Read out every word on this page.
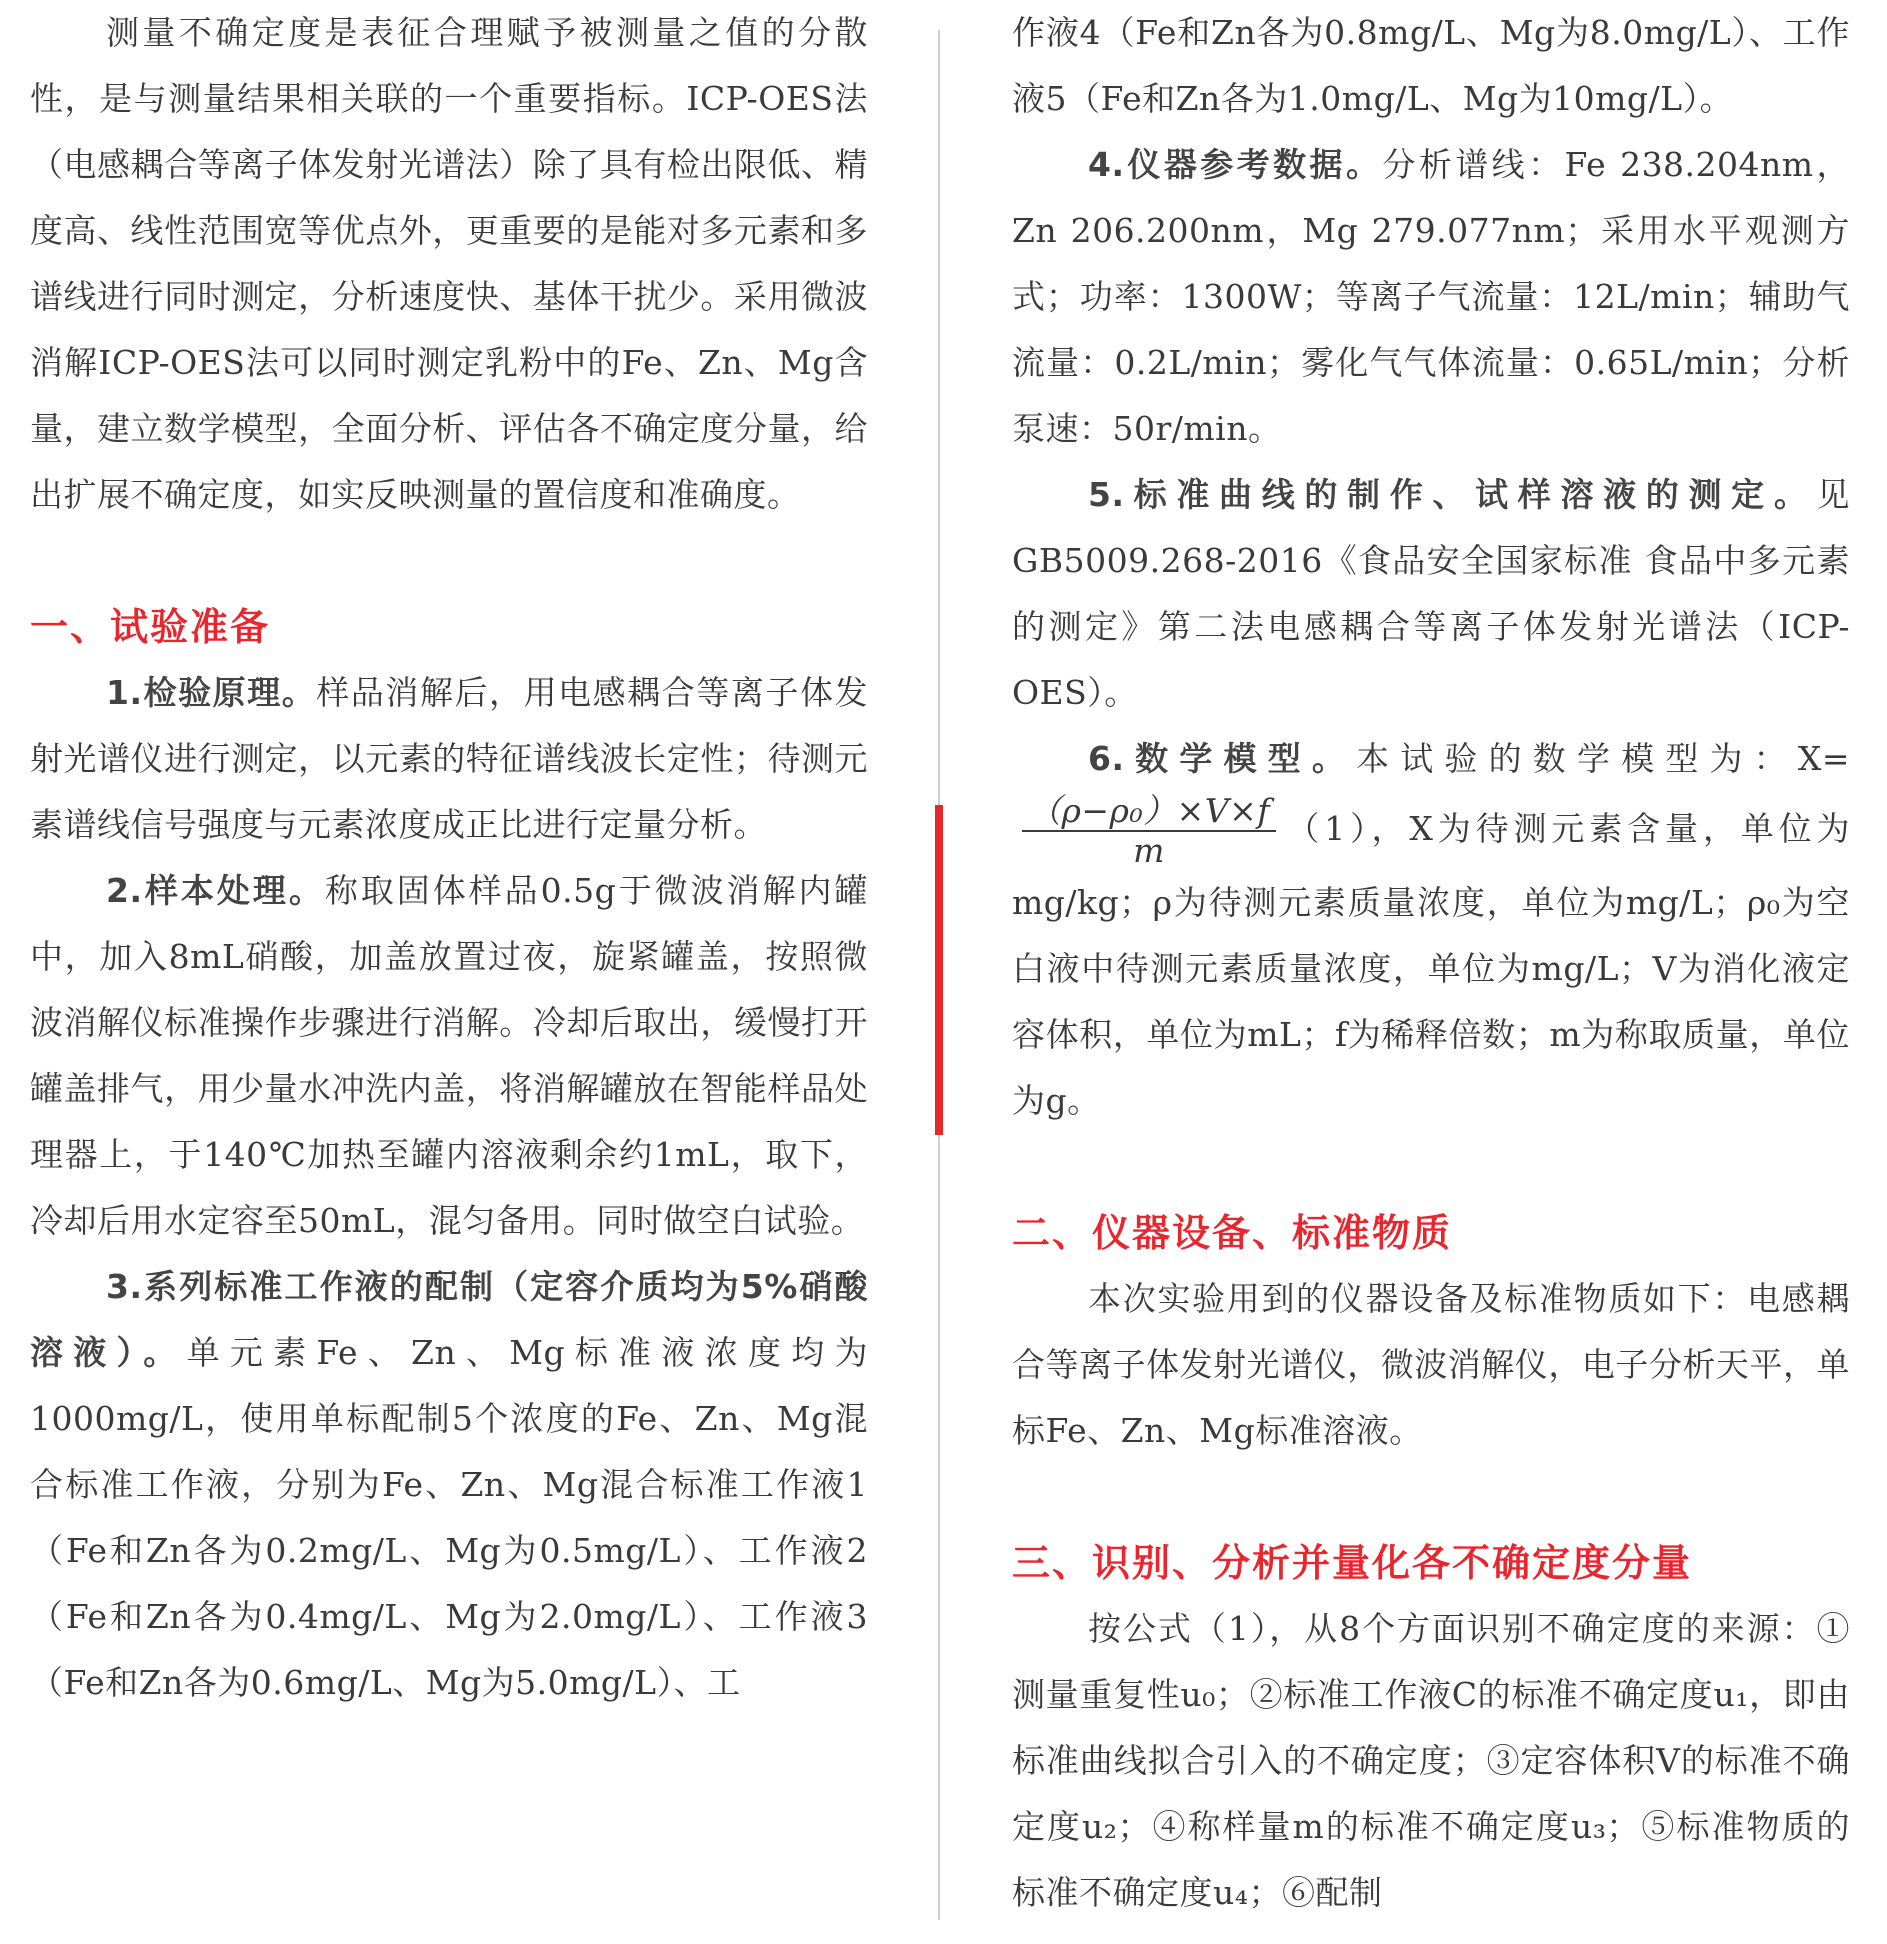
测量不确定度是表征合理赋予被测量之值的分散性，是与测量结果相关联的一个重要指标。ICP-OES法（电感耦合等离子体发射光谱法）除了具有检出限低、精度高、线性范围宽等优点外，更重要的是能对多元素和多谱线进行同时测定，分析速度快、基体干扰少。采用微波消解ICP-OES法可以同时测定乳粉中的Fe、Zn、Mg含量，建立数学模型，全面分析、评估各不确定度分量，给出扩展不确定度，如实反映测量的置信度和准确度。

一、试验准备

1.检验原理。样品消解后，用电感耦合等离子体发射光谱仪进行测定，以元素的特征谱线波长定性；待测元素谱线信号强度与元素浓度成正比进行定量分析。

2.样本处理。称取固体样品0.5g于微波消解内罐中，加入8mL硝酸，加盖放置过夜，旋紧罐盖，按照微波消解仪标准操作步骤进行消解。冷却后取出，缓慢打开罐盖排气，用少量水冲洗内盖，将消解罐放在智能样品处理器上，于140℃加热至罐内溶液剩余约1mL，取下，冷却后用水定容至50mL，混匀备用。同时做空白试验。

3.系列标准工作液的配制（定容介质均为5%硝酸溶液）。单元素Fe、Zn、Mg标准液浓度均为1000mg/L，使用单标配制5个浓度的Fe、Zn、Mg混合标准工作液，分别为Fe、Zn、Mg混合标准工作液1（Fe和Zn各为0.2mg/L、Mg为0.5mg/L）、工作液2（Fe和Zn各为0.4mg/L、Mg为2.0mg/L）、工作液3（Fe和Zn各为0.6mg/L、Mg为5.0mg/L）、工

作液4（Fe和Zn各为0.8mg/L、Mg为8.0mg/L）、工作液5（Fe和Zn各为1.0mg/L、Mg为10mg/L）。

4.仪器参考数据。分析谱线：Fe 238.204nm，Zn 206.200nm，Mg 279.077nm；采用水平观测方式；功率：1300W；等离子气流量：12L/min；辅助气流量：0.2L/min；雾化气气体流量：0.65L/min；分析泵速：50r/min。

5.标准曲线的制作、试样溶液的测定。见GB5009.268-2016《食品安全国家标准 食品中多元素的测定》第二法电感耦合等离子体发射光谱法（ICP-OES）。

6.数学模型。本试验的数学模型为：X=
$\frac{\text{（ρ−ρ₀）×V×f}}{m} (1)$，X为待测元素含量，单位为mg/kg；ρ为待测元素质量浓度，单位为mg/L；ρ₀为空白液中待测元素质量浓度，单位为mg/L；V为消化液定容体积，单位为mL；f为稀释倍数；m为称取质量，单位为g。

二、仪器设备、标准物质

本次实验用到的仪器设备及标准物质如下：电感耦合等离子体发射光谱仪，微波消解仪，电子分析天平，单标Fe、Zn、Mg标准溶液。

三、识别、分析并量化各不确定度分量

按公式（1），从8个方面识别不确定度的来源：①测量重复性u₀；②标准工作液C的标准不确定度u₁，即由标准曲线拟合引入的不确定度；③定容体积V的标准不确定度u₂；④称样量m的标准不确定度u₃；⑤标准物质的标准不确定度u₄；⑥配制
